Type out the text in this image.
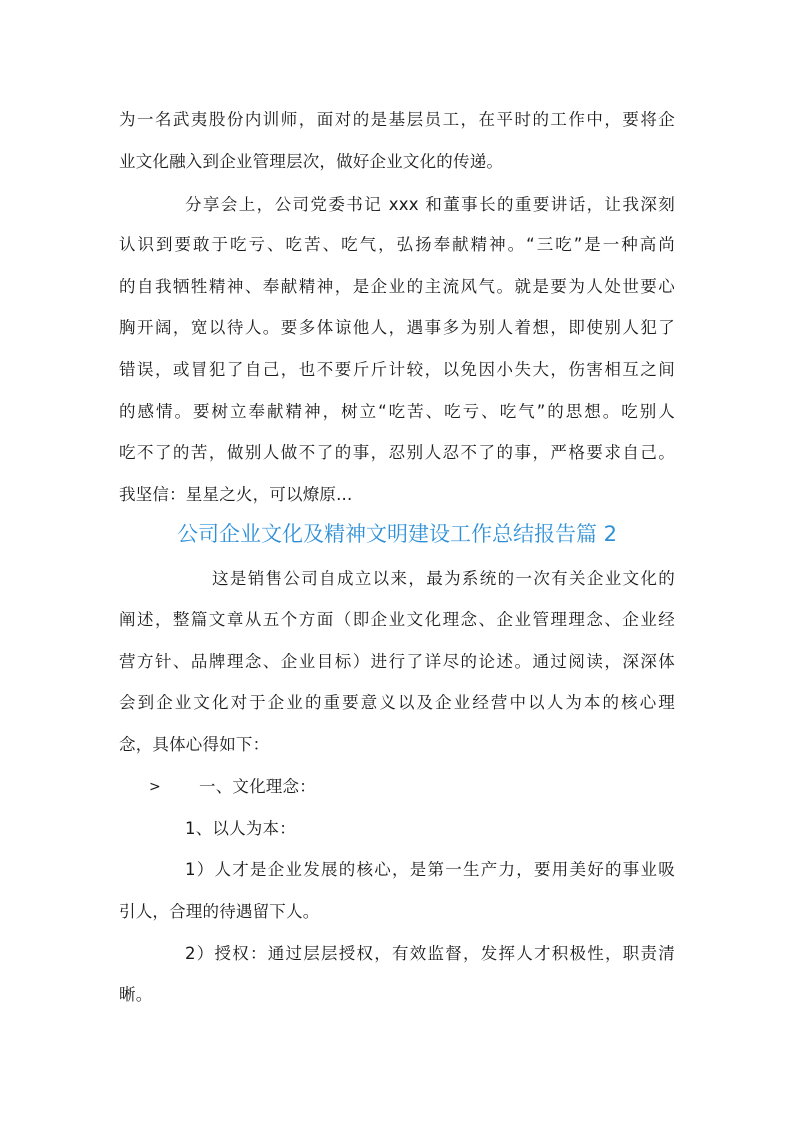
为一名武夷股份内训师，面对的是基层员工，在平时的工作中，要将企
业文化融入到企业管理层次，做好企业文化的传递。
分享会上，公司党委书记 xxx 和董事长的重要讲话，让我深刻
认识到要敢于吃亏、吃苦、吃气，弘扬奉献精神。“三吃”是一种高尚
的自我牺牲精神、奉献精神，是企业的主流风气。就是要为人处世要心
胸开阔，宽以待人。要多体谅他人，遇事多为别人着想，即使别人犯了
错误，或冒犯了自己，也不要斤斤计较，以免因小失大，伤害相互之间
的感情。要树立奉献精神，树立“吃苦、吃亏、吃气”的思想。吃别人
吃不了的苦，做别人做不了的事，忍别人忍不了的事，严格要求自己。
我坚信：星星之火，可以燎原...
公司企业文化及精神文明建设工作总结报告篇 2
这是销售公司自成立以来，最为系统的一次有关企业文化的
阐述，整篇文章从五个方面（即企业文化理念、企业管理理念、企业经
营方针、品牌理念、企业目标）进行了详尽的论述。通过阅读，深深体
会到企业文化对于企业的重要意义以及企业经营中以人为本的核心理
念，具体心得如下：
> 一、文化理念：
1、以人为本：
1）人才是企业发展的核心，是第一生产力，要用美好的事业吸
引人，合理的待遇留下人。
2）授权：通过层层授权，有效监督，发挥人才积极性，职责清
晰。
